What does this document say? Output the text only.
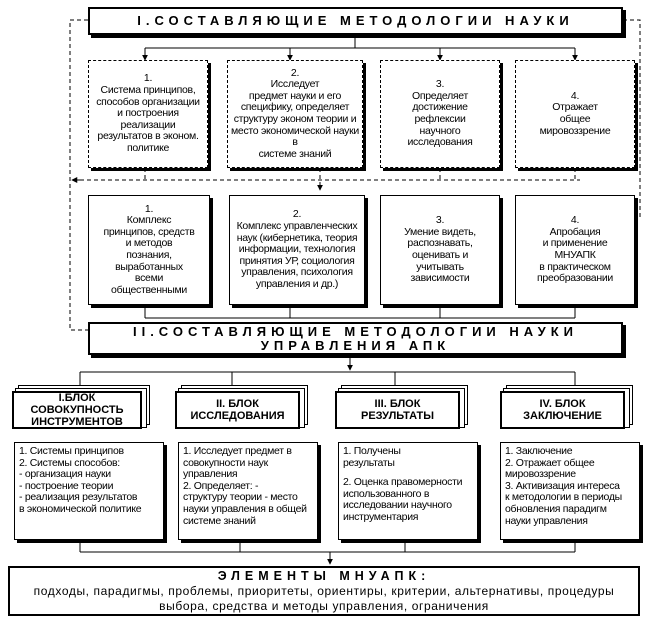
I.СОСТАВЛЯЮЩИЕ МЕТОДОЛОГИИ НАУКИ
1.
Система принципов,
способов организации
и построения
реализации
результатов в эконом.
политике
2.
Исследует
предмет науки и его
специфику, определяет
структуру эконом теории и
место экономической науки
в
системе знаний
3.
Определяет
достижение
рефлексии
научного
исследования
4.
Отражает
общее
мировоззрение
1.
Комплекс
принципов, средств
и методов
познания,
выработанных
всеми
общественными
2.
Комплекс управленческих
наук (кибернетика, теория
информации, технология
принятия УР, социология
управления, психология
управления и др.)
3.
Умение видеть,
распознавать,
оценивать и
учитывать
зависимости
4.
Апробация
и применение
МНУАПК
в практическом
преобразовании
II.СОСТАВЛЯЮЩИЕ МЕТОДОЛОГИИ НАУКИ
УПРАВЛЕНИЯ АПК
I.БЛОК
СОВОКУПНОСТЬ
ИНСТРУМЕНТОВ
II. БЛОК
ИССЛЕДОВАНИЯ
III. БЛОК
РЕЗУЛЬТАТЫ
IV. БЛОК
ЗАКЛЮЧЕНИЕ
1. Системы принципов
2. Системы способов:
- организация науки
- построение теории
- реализация результатов
в экономической политике
1. Исследует предмет в
совокупности наук
управления
2. Определяет: -
структуру теории - место
науки управления в общей
системе знаний
1. Получены
результаты
2. Оценка правомерности
использованного в
исследовании научного
инструментария
1. Заключение
2. Отражает общее
мировоззрение
3. Активизация интереса
к методологии в периоды
обновления парадигм
науки управления
ЭЛЕМЕНТЫ МНУАПК:
подходы, парадигмы, проблемы, приоритеты, ориентиры, критерии, альтернативы, процедуры
выбора, средства и методы управления, ограничения
